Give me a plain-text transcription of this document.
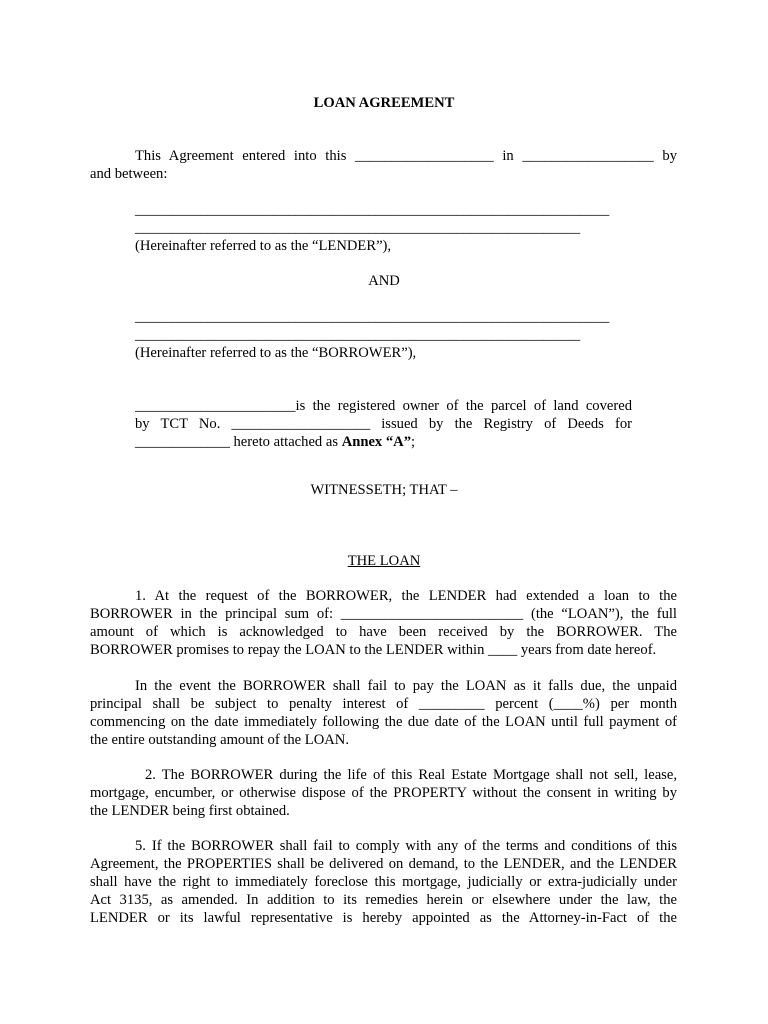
LOAN AGREEMENT
This Agreement entered into this ___________________ in __________________ by
and between:
_________________________________________________________________
_____________________________________________________________
(Hereinafter referred to as the “LENDER”),
AND
_________________________________________________________________
_____________________________________________________________
(Hereinafter referred to as the “BORROWER”),
______________________is the registered owner of the parcel of land covered
by TCT No. ___________________ issued by the Registry of Deeds for
_____________ hereto attached as Annex “A”;
WITNESSETH; THAT –
THE LOAN
1. At the request of the BORROWER, the LENDER had extended a loan to the
BORROWER in the principal sum of: _________________________ (the “LOAN”), the full
amount of which is acknowledged to have been received by the BORROWER. The
BORROWER promises to repay the LOAN to the LENDER within ____ years from date hereof.
In the event the BORROWER shall fail to pay the LOAN as it falls due, the unpaid
principal shall be subject to penalty interest of _________ percent (____%) per month
commencing on the date immediately following the due date of the LOAN until full payment of
the entire outstanding amount of the LOAN.
2. The BORROWER during the life of this Real Estate Mortgage shall not sell, lease,
mortgage, encumber, or otherwise dispose of the PROPERTY without the consent in writing by
the LENDER being first obtained.
5. If the BORROWER shall fail to comply with any of the terms and conditions of this
Agreement, the PROPERTIES shall be delivered on demand, to the LENDER, and the LENDER
shall have the right to immediately foreclose this mortgage, judicially or extra-judicially under
Act 3135, as amended. In addition to its remedies herein or elsewhere under the law, the
LENDER or its lawful representative is hereby appointed as the Attorney-in-Fact of the
